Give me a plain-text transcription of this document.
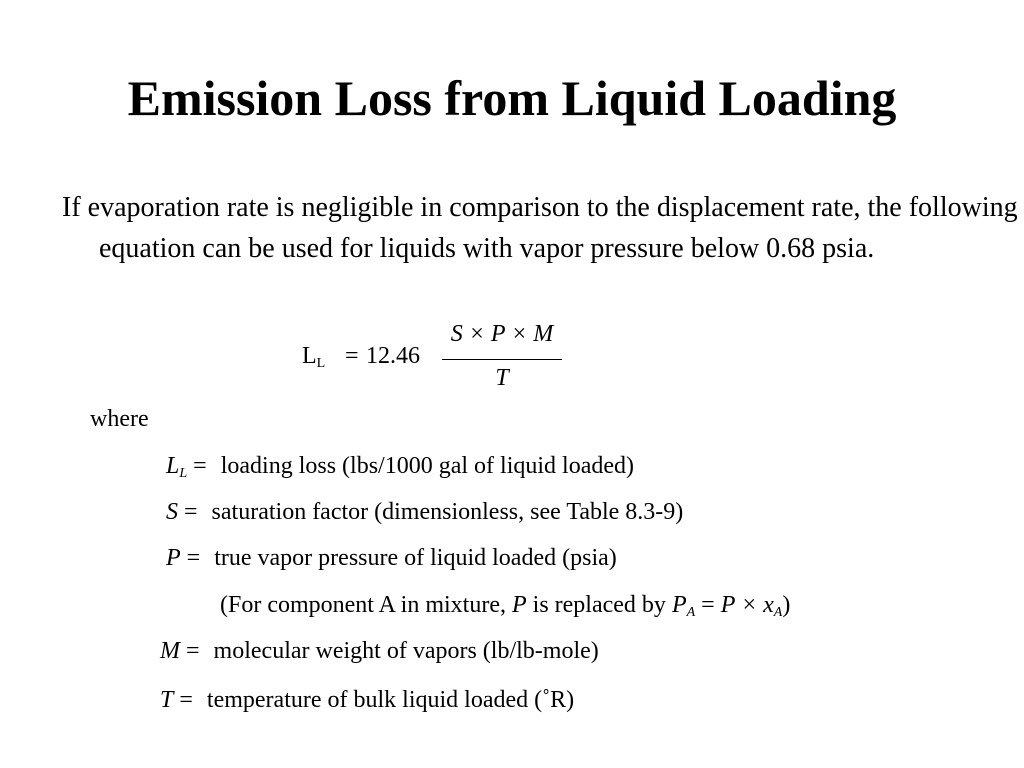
Emission Loss from Liquid Loading
If evaporation rate is negligible in comparison to the displacement rate, the following equation can be used for liquids with vapor pressure below 0.68 psia.
$L_L = 12.46$
S × P × M
T
where
$L_L$ = loading loss (lbs/1000 gal of liquid loaded)
S = saturation factor (dimensionless, see Table 8.3-9)
P = true vapor pressure of liquid loaded (psia)
(For component A in mixture, P is replaced by $P_A = P \times x_A$)
M = molecular weight of vapors (lb/lb-mole)
T = temperature of bulk liquid loaded (˚R)
